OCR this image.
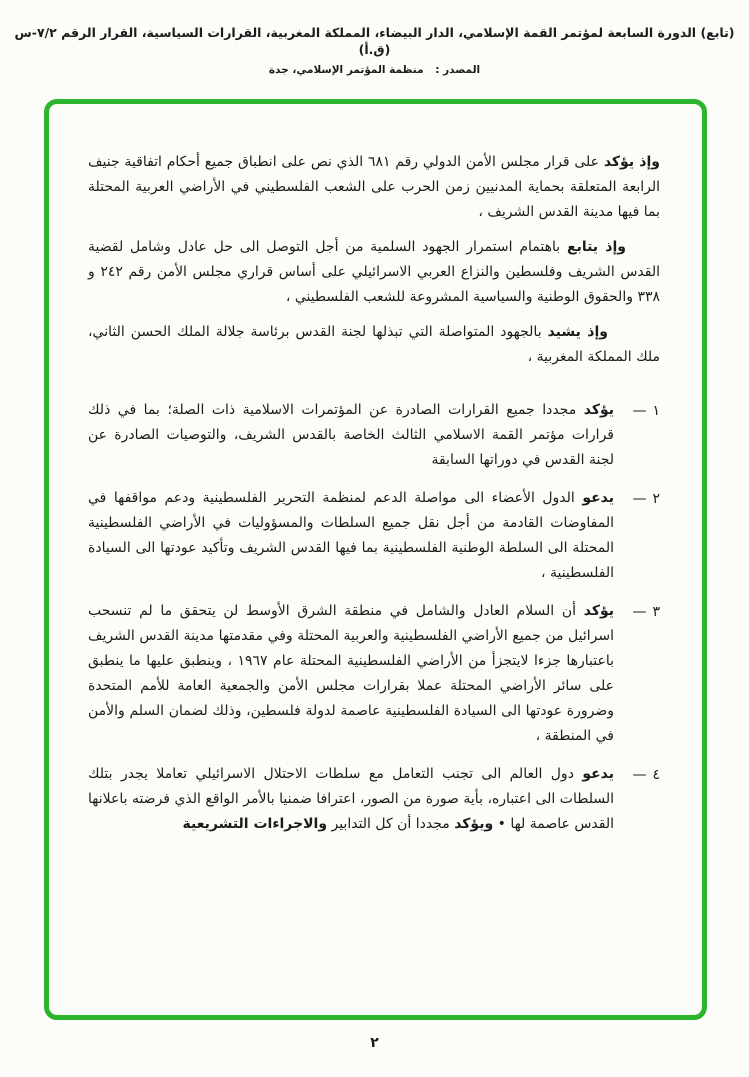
(تابع) الدورة السابعة لمؤتمر القمة الإسلامي، الدار البيضاء، المملكة المغربية، القرارات السياسية، القرار الرقم ٧/٢-س (ق.أ)
المصدر : منظمة المؤتمر الإسلامي، جدة

وإذ يؤكد على قرار مجلس الأمن الدولي رقم ٦٨١ الذي نص على انطباق جميع أحكام اتفاقية جنيف الرابعة المتعلقة بحماية المدنيين زمن الحرب على الشعب الفلسطيني في الأراضي العربية المحتلة بما فيها مدينة القدس الشريف ،

وإذ يتابع باهتمام استمرار الجهود السلمية من أجل التوصل الى حل عادل وشامل لقضية القدس الشريف وفلسطين والنزاع العربي الاسرائيلي على أساس قراري مجلس الأمن رقم ٢٤٢ و ٣٣٨ والحقوق الوطنية والسياسية المشروعة للشعب الفلسطيني ،

وإذ يشيد بالجهود المتواصلة التي تبذلها لجنة القدس برئاسة جلالة الملك الحسن الثاني، ملك المملكة المغربية ،

١—
يؤكد مجددا جميع القرارات الصادرة عن المؤتمرات الاسلامية ذات الصلة؛ بما في ذلك قرارات مؤتمر القمة الاسلامي الثالث الخاصة بالقدس الشريف، والتوصيات الصادرة عن لجنة القدس في دوراتها السابقة
٢—
يدعو الدول الأعضاء الى مواصلة الدعم لمنظمة التحرير الفلسطينية ودعم مواقفها في المفاوضات القادمة من أجل نقل جميع السلطات والمسؤوليات في الأراضي الفلسطينية المحتلة الى السلطة الوطنية الفلسطينية بما فيها القدس الشريف وتأكيد عودتها الى السيادة الفلسطينية ،
٣—
يؤكد أن السلام العادل والشامل في منطقة الشرق الأوسط لن يتحقق ما لم تنسحب اسرائيل من جميع الأراضي الفلسطينية والعربية المحتلة وفي مقدمتها مدينة القدس الشريف باعتبارها جزءا لايتجزأ من الأراضي الفلسطينية المحتلة عام ١٩٦٧ ، وينطبق عليها ما ينطبق على سائر الأراضي المحتلة عملا بقرارات مجلس الأمن والجمعية العامة للأمم المتحدة وضرورة عودتها الى السيادة الفلسطينية عاصمة لدولة فلسطين، وذلك لضمان السلم والأمن في المنطقة ،
٤—
يدعو دول العالم الى تجنب التعامل مع سلطات الاحتلال الاسرائيلي تعاملا يجدر بتلك السلطات الى اعتباره، بأية صورة من الصور، اعترافا ضمنيا بالأمر الواقع الذي فرضته باعلانها القدس عاصمة لها • ويؤكد مجددا أن كل التدابير والاجراءات التشريعية
٢
